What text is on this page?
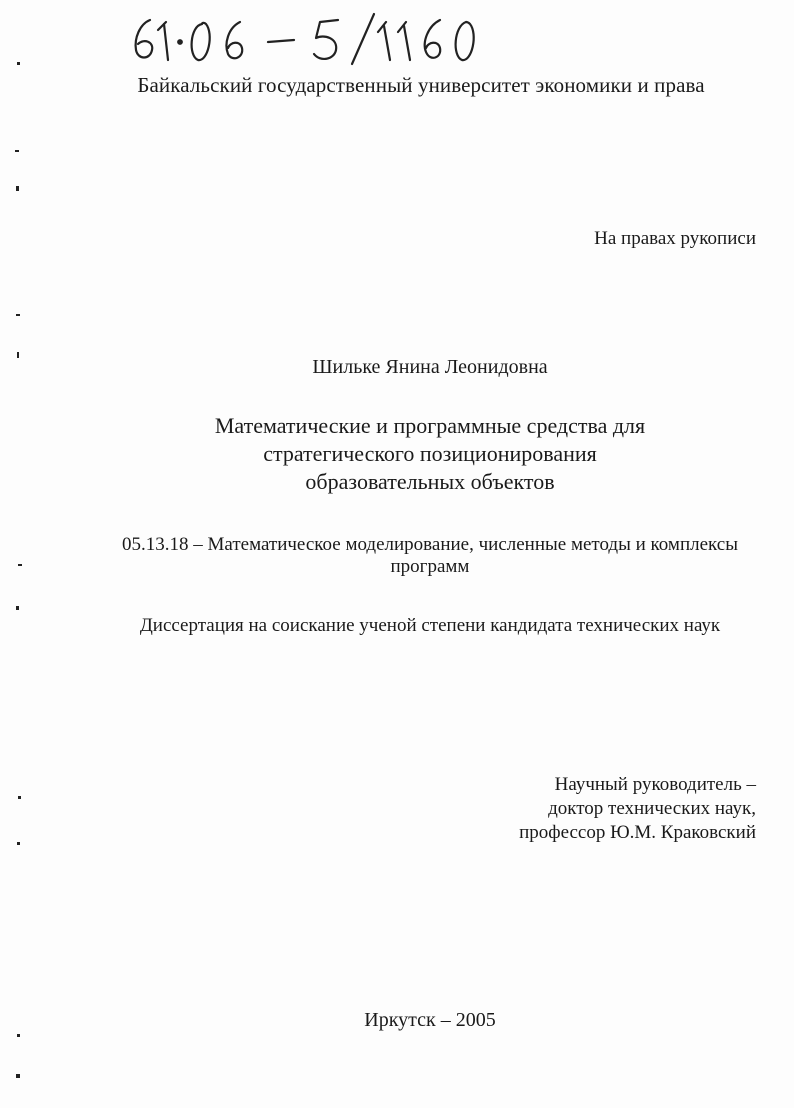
Байкальский государственный университет экономики и права
На правах рукописи
Шильке Янина Леонидовна
Математические и программные средства для
стратегического позиционирования
образовательных объектов
05.13.18 – Математическое моделирование, численные методы и комплексы
программ
Диссертация на соискание ученой степени кандидата технических наук
Научный руководитель –
доктор технических наук,
профессор Ю.М. Краковский
Иркутск – 2005
